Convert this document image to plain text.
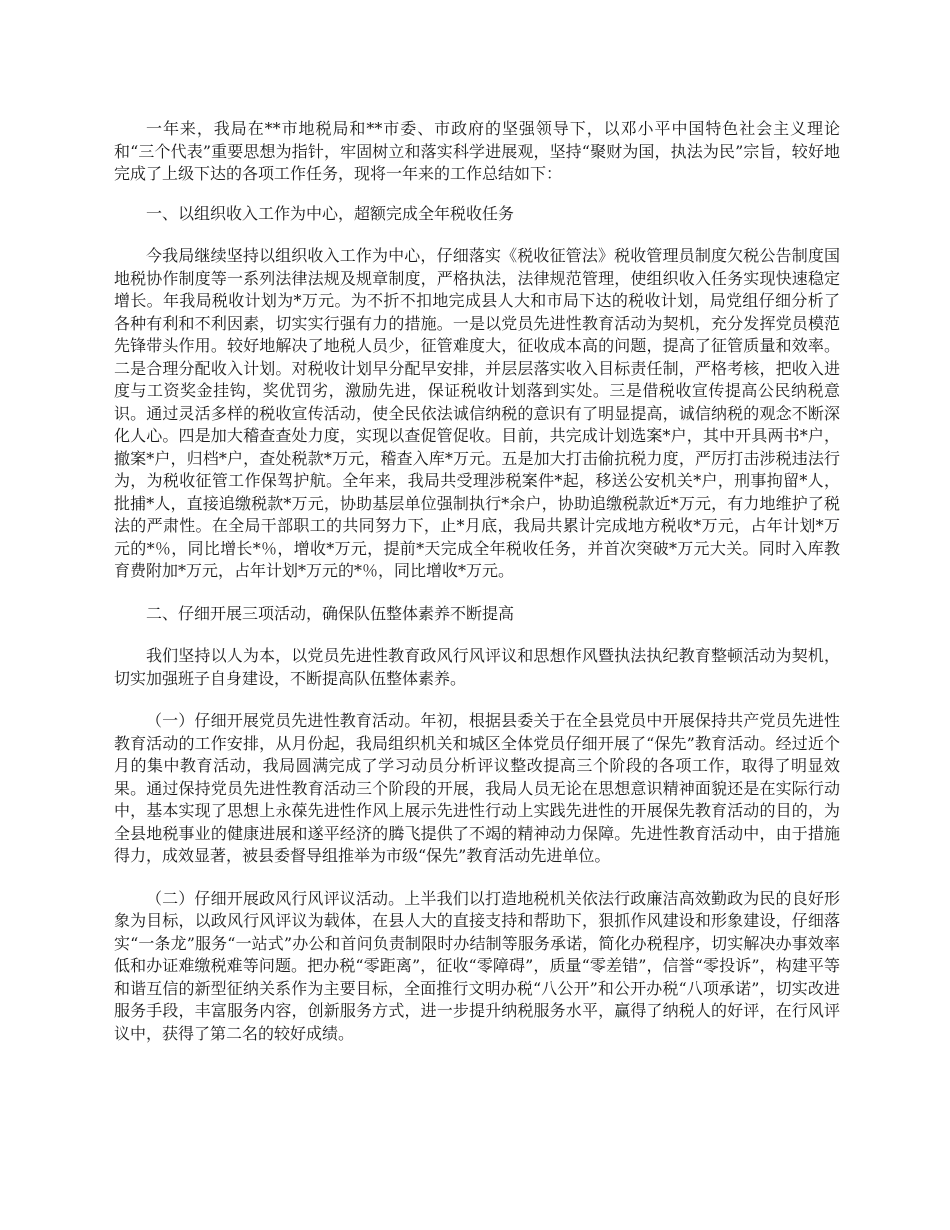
一年来，我局在**市地税局和**市委、市政府的坚强领导下，以邓小平中国特色社会主义理论和“三个代表”重要思想为指针，牢固树立和落实科学进展观，坚持“聚财为国，执法为民”宗旨，较好地完成了上级下达的各项工作任务，现将一年来的工作总结如下：

一、以组织收入工作为中心，超额完成全年税收任务

今我局继续坚持以组织收入工作为中心，仔细落实《税收征管法》税收管理员制度欠税公告制度国地税协作制度等一系列法律法规及规章制度，严格执法，法律规范管理，使组织收入任务实现快速稳定增长。年我局税收计划为*万元。为不折不扣地完成县人大和市局下达的税收计划，局党组仔细分析了各种有利和不利因素，切实实行强有力的措施。一是以党员先进性教育活动为契机，充分发挥党员模范先锋带头作用。较好地解决了地税人员少，征管难度大，征收成本高的问题，提高了征管质量和效率。二是合理分配收入计划。对税收计划早分配早安排，并层层落实收入目标责任制，严格考核，把收入进度与工资奖金挂钩，奖优罚劣，激励先进，保证税收计划落到实处。三是借税收宣传提高公民纳税意识。通过灵活多样的税收宣传活动，使全民依法诚信纳税的意识有了明显提高，诚信纳税的观念不断深化人心。四是加大稽查查处力度，实现以查促管促收。目前，共完成计划选案*户，其中开具两书*户，撤案*户，归档*户，查处税款*万元，稽查入库*万元。五是加大打击偷抗税力度，严厉打击涉税违法行为，为税收征管工作保驾护航。全年来，我局共受理涉税案件*起，移送公安机关*户，刑事拘留*人，批捕*人，直接追缴税款*万元，协助基层单位强制执行*余户，协助追缴税款近*万元，有力地维护了税法的严肃性。在全局干部职工的共同努力下，止*月底，我局共累计完成地方税收*万元，占年计划*万元的*％，同比增长*％，增收*万元，提前*天完成全年税收任务，并首次突破*万元大关。同时入库教育费附加*万元，占年计划*万元的*％，同比增收*万元。

二、仔细开展三项活动，确保队伍整体素养不断提高

我们坚持以人为本，以党员先进性教育政风行风评议和思想作风暨执法执纪教育整顿活动为契机，切实加强班子自身建设，不断提高队伍整体素养。

（一）仔细开展党员先进性教育活动。年初，根据县委关于在全县党员中开展保持共产党员先进性教育活动的工作安排，从月份起，我局组织机关和城区全体党员仔细开展了“保先”教育活动。经过近个月的集中教育活动，我局圆满完成了学习动员分析评议整改提高三个阶段的各项工作，取得了明显效果。通过保持党员先进性教育活动三个阶段的开展，我局人员无论在思想意识精神面貌还是在实际行动中，基本实现了思想上永葆先进性作风上展示先进性行动上实践先进性的开展保先教育活动的目的，为全县地税事业的健康进展和遂平经济的腾飞提供了不竭的精神动力保障。先进性教育活动中，由于措施得力，成效显著，被县委督导组推举为市级“保先”教育活动先进单位。

（二）仔细开展政风行风评议活动。上半我们以打造地税机关依法行政廉洁高效勤政为民的良好形象为目标，以政风行风评议为载体，在县人大的直接支持和帮助下，狠抓作风建设和形象建设，仔细落实“一条龙”服务“一站式”办公和首问负责制限时办结制等服务承诺，简化办税程序，切实解决办事效率低和办证难缴税难等问题。把办税“零距离”，征收“零障碍”，质量“零差错”，信誉“零投诉”，构建平等和谐互信的新型征纳关系作为主要目标，全面推行文明办税“八公开”和公开办税“八项承诺”，切实改进服务手段，丰富服务内容，创新服务方式，进一步提升纳税服务水平，赢得了纳税人的好评，在行风评议中，获得了第二名的较好成绩。
